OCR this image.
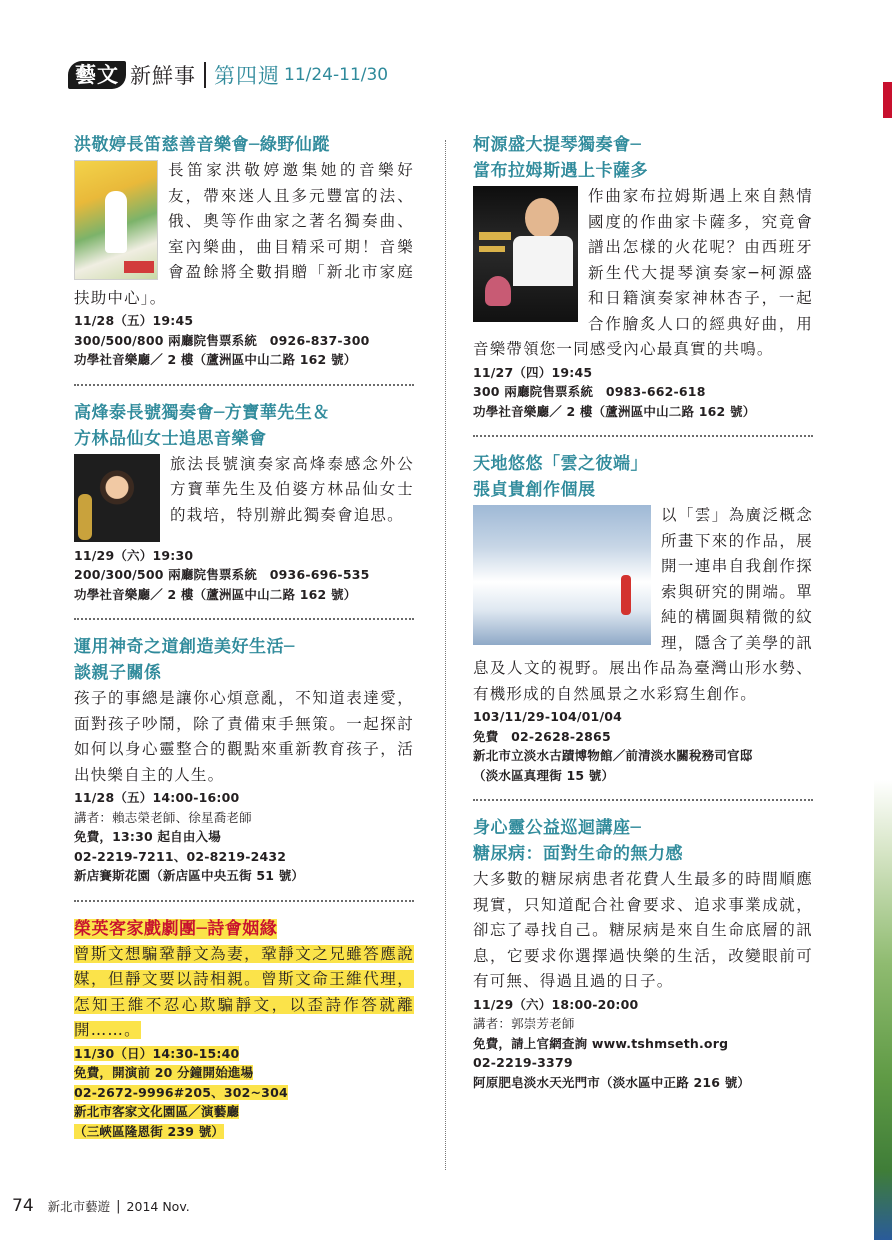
藝文 新鮮事 第四週 11/24-11/30
洪敬婷長笛慈善音樂會─綠野仙蹤
長笛家洪敬婷邀集她的音樂好友，帶來迷人且多元豐富的法、俄、奧等作曲家之著名獨奏曲、室內樂曲，曲目精采可期！音樂會盈餘將全數捐贈「新北市家庭扶助中心」。
11/28（五）19:45
300/500/800 兩廳院售票系統　0926-837-300
功學社音樂廳／ 2 樓（蘆洲區中山二路 162 號）
高烽泰長號獨奏會─方寶華先生＆
方林品仙女士追思音樂會
旅法長號演奏家高烽泰感念外公方寶華先生及伯婆方林品仙女士的栽培，特別辦此獨奏會追思。
11/29（六）19:30
200/300/500 兩廳院售票系統　0936-696-535
功學社音樂廳／ 2 樓（蘆洲區中山二路 162 號）
運用神奇之道創造美好生活─
談親子關係
孩子的事總是讓你心煩意亂，不知道表達愛，面對孩子吵鬧，除了責備束手無策。一起探討如何以身心靈整合的觀點來重新教育孩子，活出快樂自主的人生。
11/28（五）14:00-16:00
講者：賴志榮老師、徐星喬老師
免費，13:30 起自由入場
02-2219-7211、02-8219-2432
新店賽斯花園（新店區中央五街 51 號）
榮英客家戲劇團─詩會姻緣
曾斯文想騙鞏靜文為妻，鞏靜文之兄雖答應說媒，但靜文要以詩相親。曾斯文命王維代理，怎知王維不忍心欺騙靜文，以歪詩作答就離開……。
11/30（日）14:30-15:40
免費，開演前 20 分鐘開始進場
02-2672-9996#205、302~304
新北市客家文化園區／演藝廳
（三峽區隆恩街 239 號）
柯源盛大提琴獨奏會─
當布拉姆斯遇上卡薩多
作曲家布拉姆斯遇上來自熱情國度的作曲家卡薩多，究竟會譜出怎樣的火花呢？由西班牙新生代大提琴演奏家─柯源盛和日籍演奏家神林杏子，一起合作膾炙人口的經典好曲，用音樂帶領您一同感受內心最真實的共鳴。
11/27（四）19:45
300 兩廳院售票系統　0983-662-618
功學社音樂廳／ 2 樓（蘆洲區中山二路 162 號）
天地悠悠「雲之彼端」
張貞貴創作個展
以「雲」為廣泛概念所畫下來的作品，展開一連串自我創作探索與研究的開端。單純的構圖與精微的紋理，隱含了美學的訊息及人文的視野。展出作品為臺灣山形水勢、有機形成的自然風景之水彩寫生創作。
103/11/29-104/01/04
免費　02-2628-2865
新北市立淡水古蹟博物館／前清淡水關稅務司官邸
（淡水區真理街 15 號）
身心靈公益巡迴講座─
糖尿病：面對生命的無力感
大多數的糖尿病患者花費人生最多的時間順應現實，只知道配合社會要求、追求事業成就，卻忘了尋找自己。糖尿病是來自生命底層的訊息，它要求你選擇過快樂的生活，改變眼前可有可無、得過且過的日子。
11/29（六）18:00-20:00
講者：郭崇芳老師
免費，請上官網查詢 www.tshmseth.org
02-2219-3379
阿原肥皂淡水天光門市（淡水區中正路 216 號）
74 新北市藝遊 | 2014 Nov.
